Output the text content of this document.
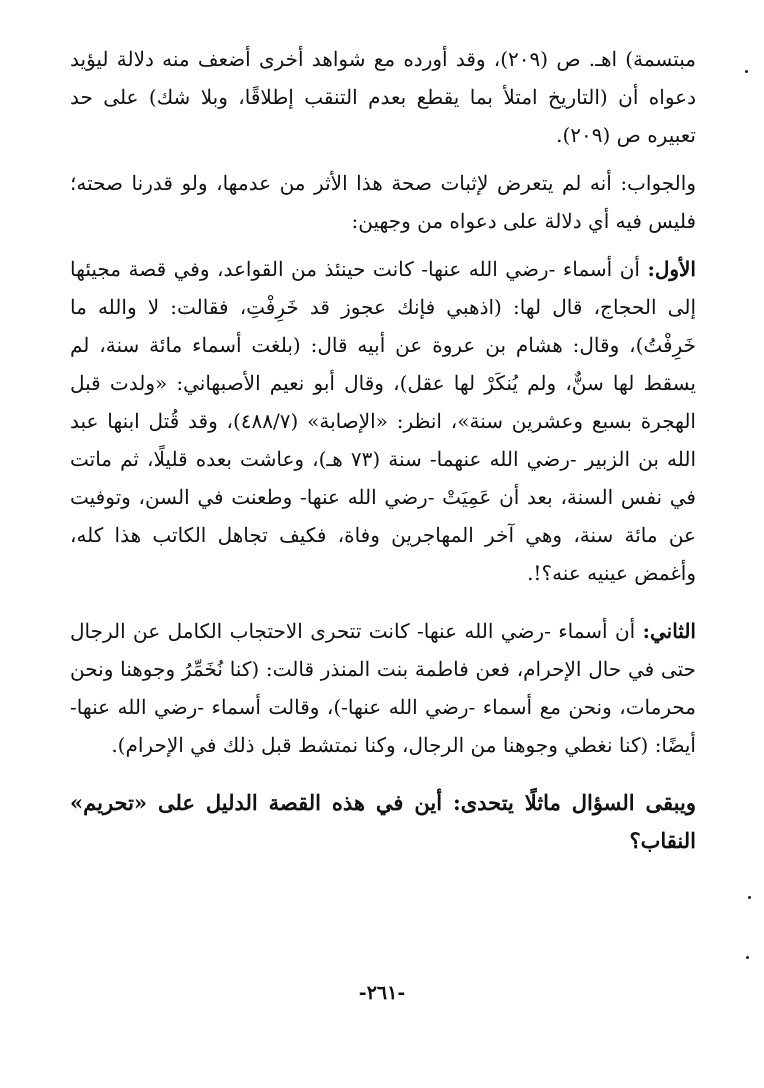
مبتسمة) اهـ. ص (٢٠٩)، وقد أورده مع شواهد أخرى أضعف منه دلالة ليؤيد دعواه أن (التاريخ امتلأ بما يقطع بعدم التنقب إطلاقًا، وبلا شك) على حد تعبيره ص (٢٠٩).

والجواب: أنه لم يتعرض لإثبات صحة هذا الأثر من عدمها، ولو قدرنا صحته؛ فليس فيه أي دلالة على دعواه من وجهين:

الأول: أن أسماء -رضي الله عنها- كانت حينئذ من القواعد، وفي قصة مجيئها إلى الحجاج، قال لها: (اذهبي فإنك عجوز قد خَرِفْتِ، فقالت: لا والله ما خَرِفْتُ)، وقال: هشام بن عروة عن أبيه قال: (بلغت أسماء مائة سنة، لم يسقط لها سنٌّ، ولم يُنكَرْ لها عقل)، وقال أبو نعيم الأصبهاني: «ولدت قبل الهجرة بسبع وعشرين سنة»، انظر: «الإصابة» (٤٨٨/٧)، وقد قُتل ابنها عبد الله بن الزبير -رضي الله عنهما- سنة (٧٣ هـ)، وعاشت بعده قليلًا، ثم ماتت في نفس السنة، بعد أن عَمِيَتْ -رضي الله عنها- وطعنت في السن، وتوفيت عن مائة سنة، وهي آخر المهاجرين وفاة، فكيف تجاهل الكاتب هذا كله، وأغمض عينيه عنه؟!.

الثاني: أن أسماء -رضي الله عنها- كانت تتحرى الاحتجاب الكامل عن الرجال حتى في حال الإحرام، فعن فاطمة بنت المنذر قالت: (كنا نُخَمِّرُ وجوهنا ونحن محرمات، ونحن مع أسماء -رضي الله عنها-)، وقالت أسماء -رضي الله عنها- أيضًا: (كنا نغطي وجوهنا من الرجال، وكنا نمتشط قبل ذلك في الإحرام).

ويبقى السؤال ماثلًا يتحدى: أين في هذه القصة الدليل على «تحريم» النقاب؟

-٢٦١-
